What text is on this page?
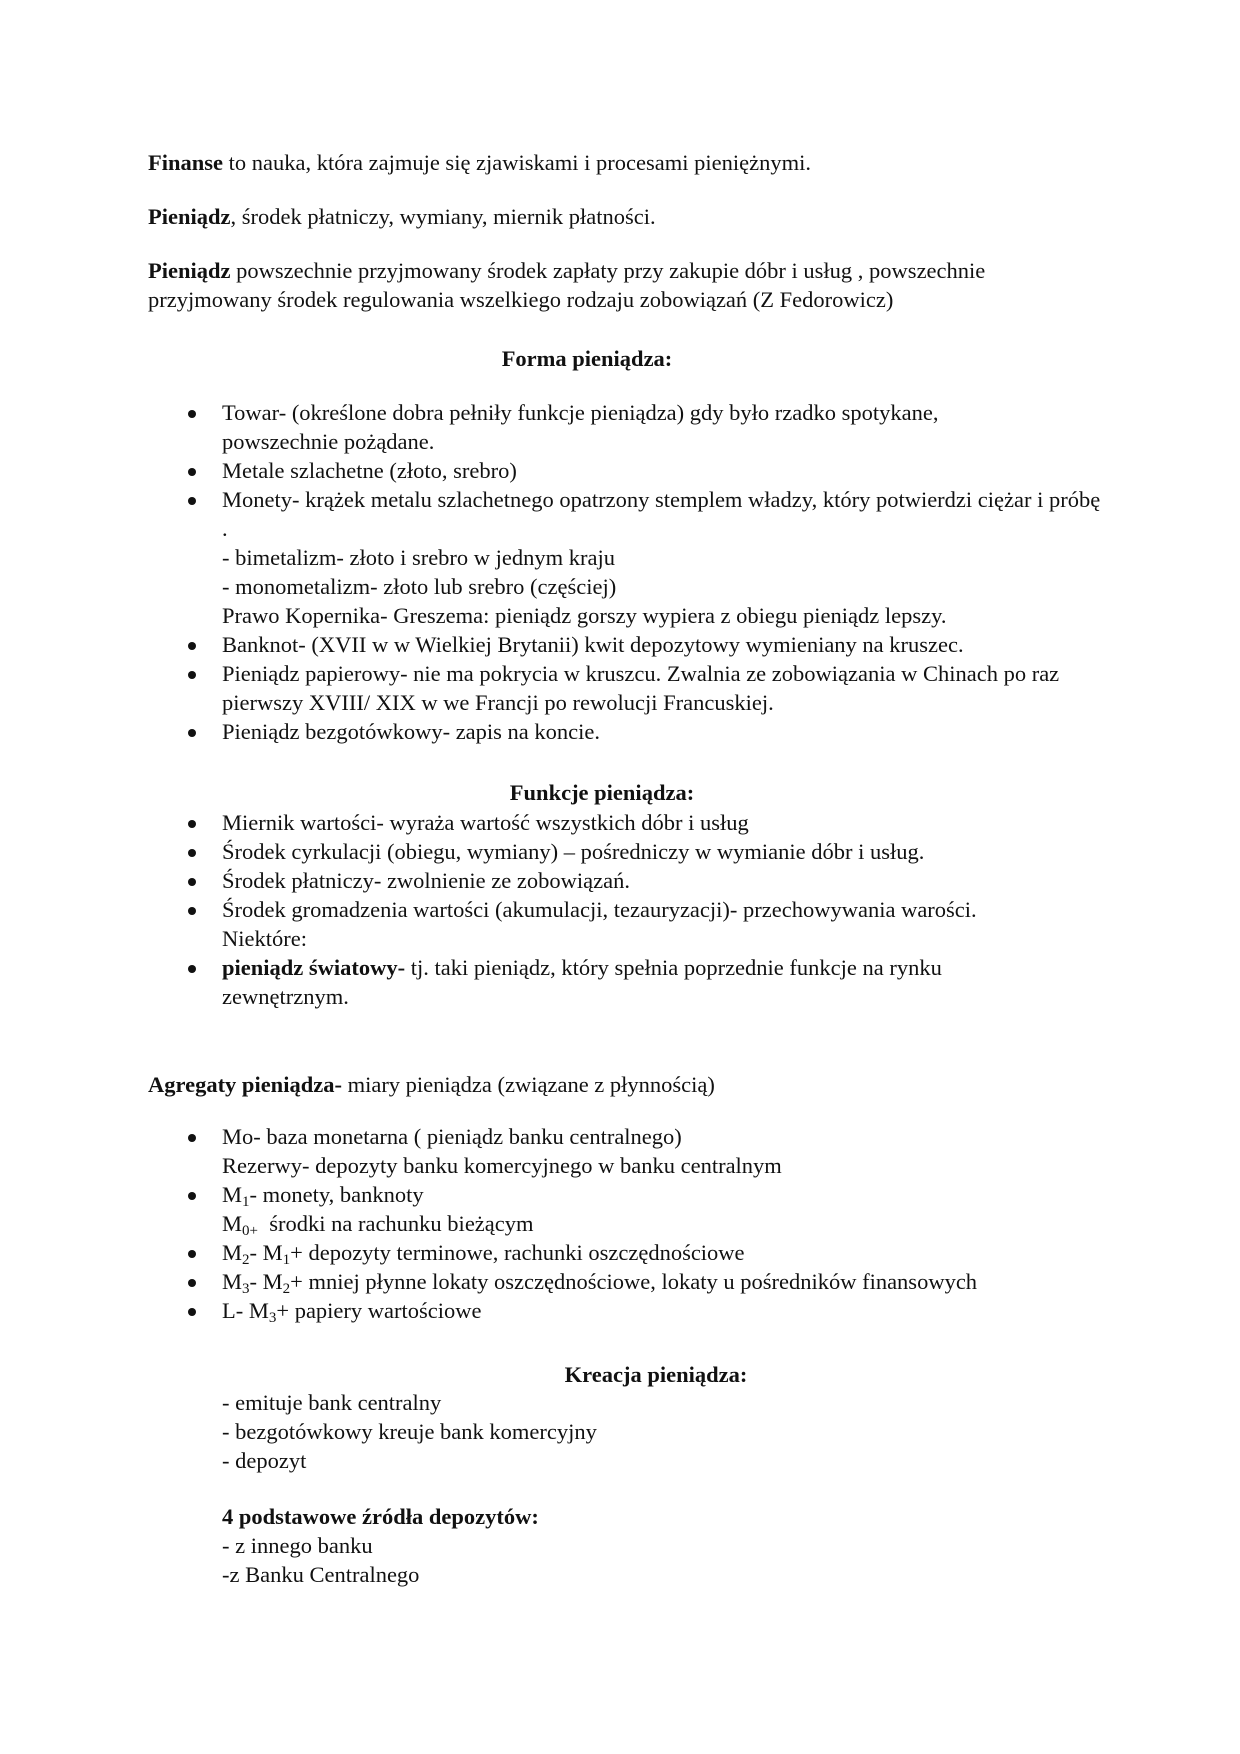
Finanse to nauka, która zajmuje się zjawiskami i procesami pieniężnymi.
Pieniądz, środek płatniczy, wymiany, miernik płatności.
Pieniądz powszechnie przyjmowany środek zapłaty przy zakupie dóbr i usług , powszechnie przyjmowany środek regulowania wszelkiego rodzaju zobowiązań (Z Fedorowicz)
Forma pieniądza:
Towar- (określone dobra pełniły funkcje pieniądza) gdy było rzadko spotykane, powszechnie pożądane.
Metale szlachetne (złoto, srebro)
Monety- krążek metalu szlachetnego opatrzony stemplem władzy, który potwierdzi ciężar i próbę .
- bimetalizm- złoto i srebro w jednym kraju
- monometalizm- złoto lub srebro (częściej)
Prawo Kopernika- Greszema: pieniądz gorszy wypiera z obiegu pieniądz lepszy.
Banknot- (XVII w w Wielkiej Brytanii) kwit depozytowy wymieniany na kruszec.
Pieniądz papierowy- nie ma pokrycia w kruszcu. Zwalnia ze zobowiązania w Chinach po raz pierwszy XVIII/ XIX w we Francji po rewolucji Francuskiej.
Pieniądz bezgotówkowy- zapis na koncie.
Funkcje pieniądza:
Miernik wartości- wyraża wartość wszystkich dóbr i usług
Środek cyrkulacji (obiegu, wymiany) – pośredniczy w wymianie dóbr i usług.
Środek płatniczy- zwolnienie ze zobowiązań.
Środek gromadzenia wartości (akumulacji, tezauryzacji)- przechowywania warości.
Niektóre:
pieniądz światowy- tj. taki pieniądz, który spełnia poprzednie funkcje na rynku zewnętrznym.
Agregaty pieniądza- miary pieniądza (związane z płynnością)
Mo- baza monetarna ( pieniądz banku centralnego)
Rezerwy- depozyty banku komercyjnego w banku centralnym
$M_1-$ monety, banknoty
$M_{0+}$  środki na rachunku bieżącym
$M_2-$ $M_1+$ depozyty terminowe, rachunki oszczędnościowe
$M_3-$ $M_2+$ mniej płynne lokaty oszczędnościowe, lokaty u pośredników finansowych
L- $M_3+$ papiery wartościowe
Kreacja pieniądza:
- emituje bank centralny
- bezgotówkowy kreuje bank komercyjny
- depozyt
4 podstawowe źródła depozytów:
- z innego banku
-z Banku Centralnego
